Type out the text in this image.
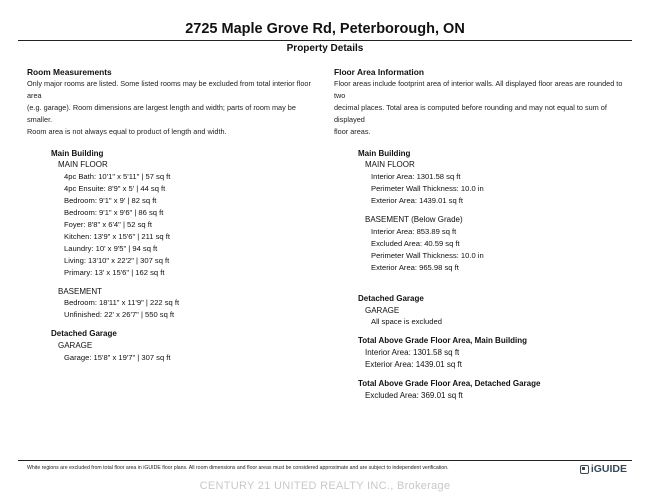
2725 Maple Grove Rd, Peterborough, ON
Property Details
Room Measurements
Only major rooms are listed. Some listed rooms may be excluded from total interior floor area
(e.g. garage). Room dimensions are largest length and width; parts of room may be smaller.
Room area is not always equal to product of length and width.
Main Building
MAIN FLOOR
4pc Bath: 10'1" x 5'11" | 57 sq ft
4pc Ensuite: 8'9" x 5' | 44 sq ft
Bedroom: 9'1" x 9' | 82 sq ft
Bedroom: 9'1" x 9'6" | 86 sq ft
Foyer: 8'8" x 6'4" | 52 sq ft
Kitchen: 13'9" x 15'6" | 211 sq ft
Laundry: 10' x 9'5" | 94 sq ft
Living: 13'10" x 22'2" | 307 sq ft
Primary: 13' x 15'6" | 162 sq ft
BASEMENT
Bedroom: 18'11" x 11'9" | 222 sq ft
Unfinished: 22' x 26'7" | 550 sq ft
Detached Garage
GARAGE
Garage: 15'8" x 19'7" | 307 sq ft
Floor Area Information
Floor areas include footprint area of interior walls. All displayed floor areas are rounded to two
decimal places. Total area is computed before rounding and may not equal to sum of displayed
floor areas.
Main Building
MAIN FLOOR
Interior Area: 1301.58 sq ft
Perimeter Wall Thickness: 10.0 in
Exterior Area: 1439.01 sq ft
BASEMENT (Below Grade)
Interior Area: 853.89 sq ft
Excluded Area: 40.59 sq ft
Perimeter Wall Thickness: 10.0 in
Exterior Area: 965.98 sq ft
Detached Garage
GARAGE
All space is excluded
Total Above Grade Floor Area, Main Building
Interior Area: 1301.58 sq ft
Exterior Area: 1439.01 sq ft
Total Above Grade Floor Area, Detached Garage
Excluded Area: 369.01 sq ft
White regions are excluded from total floor area in iGUIDE floor plans. All room dimensions and floor areas must be considered approximate and are subject to independent verification.	iGUIDE
CENTURY 21 UNITED REALTY INC., Brokerage
